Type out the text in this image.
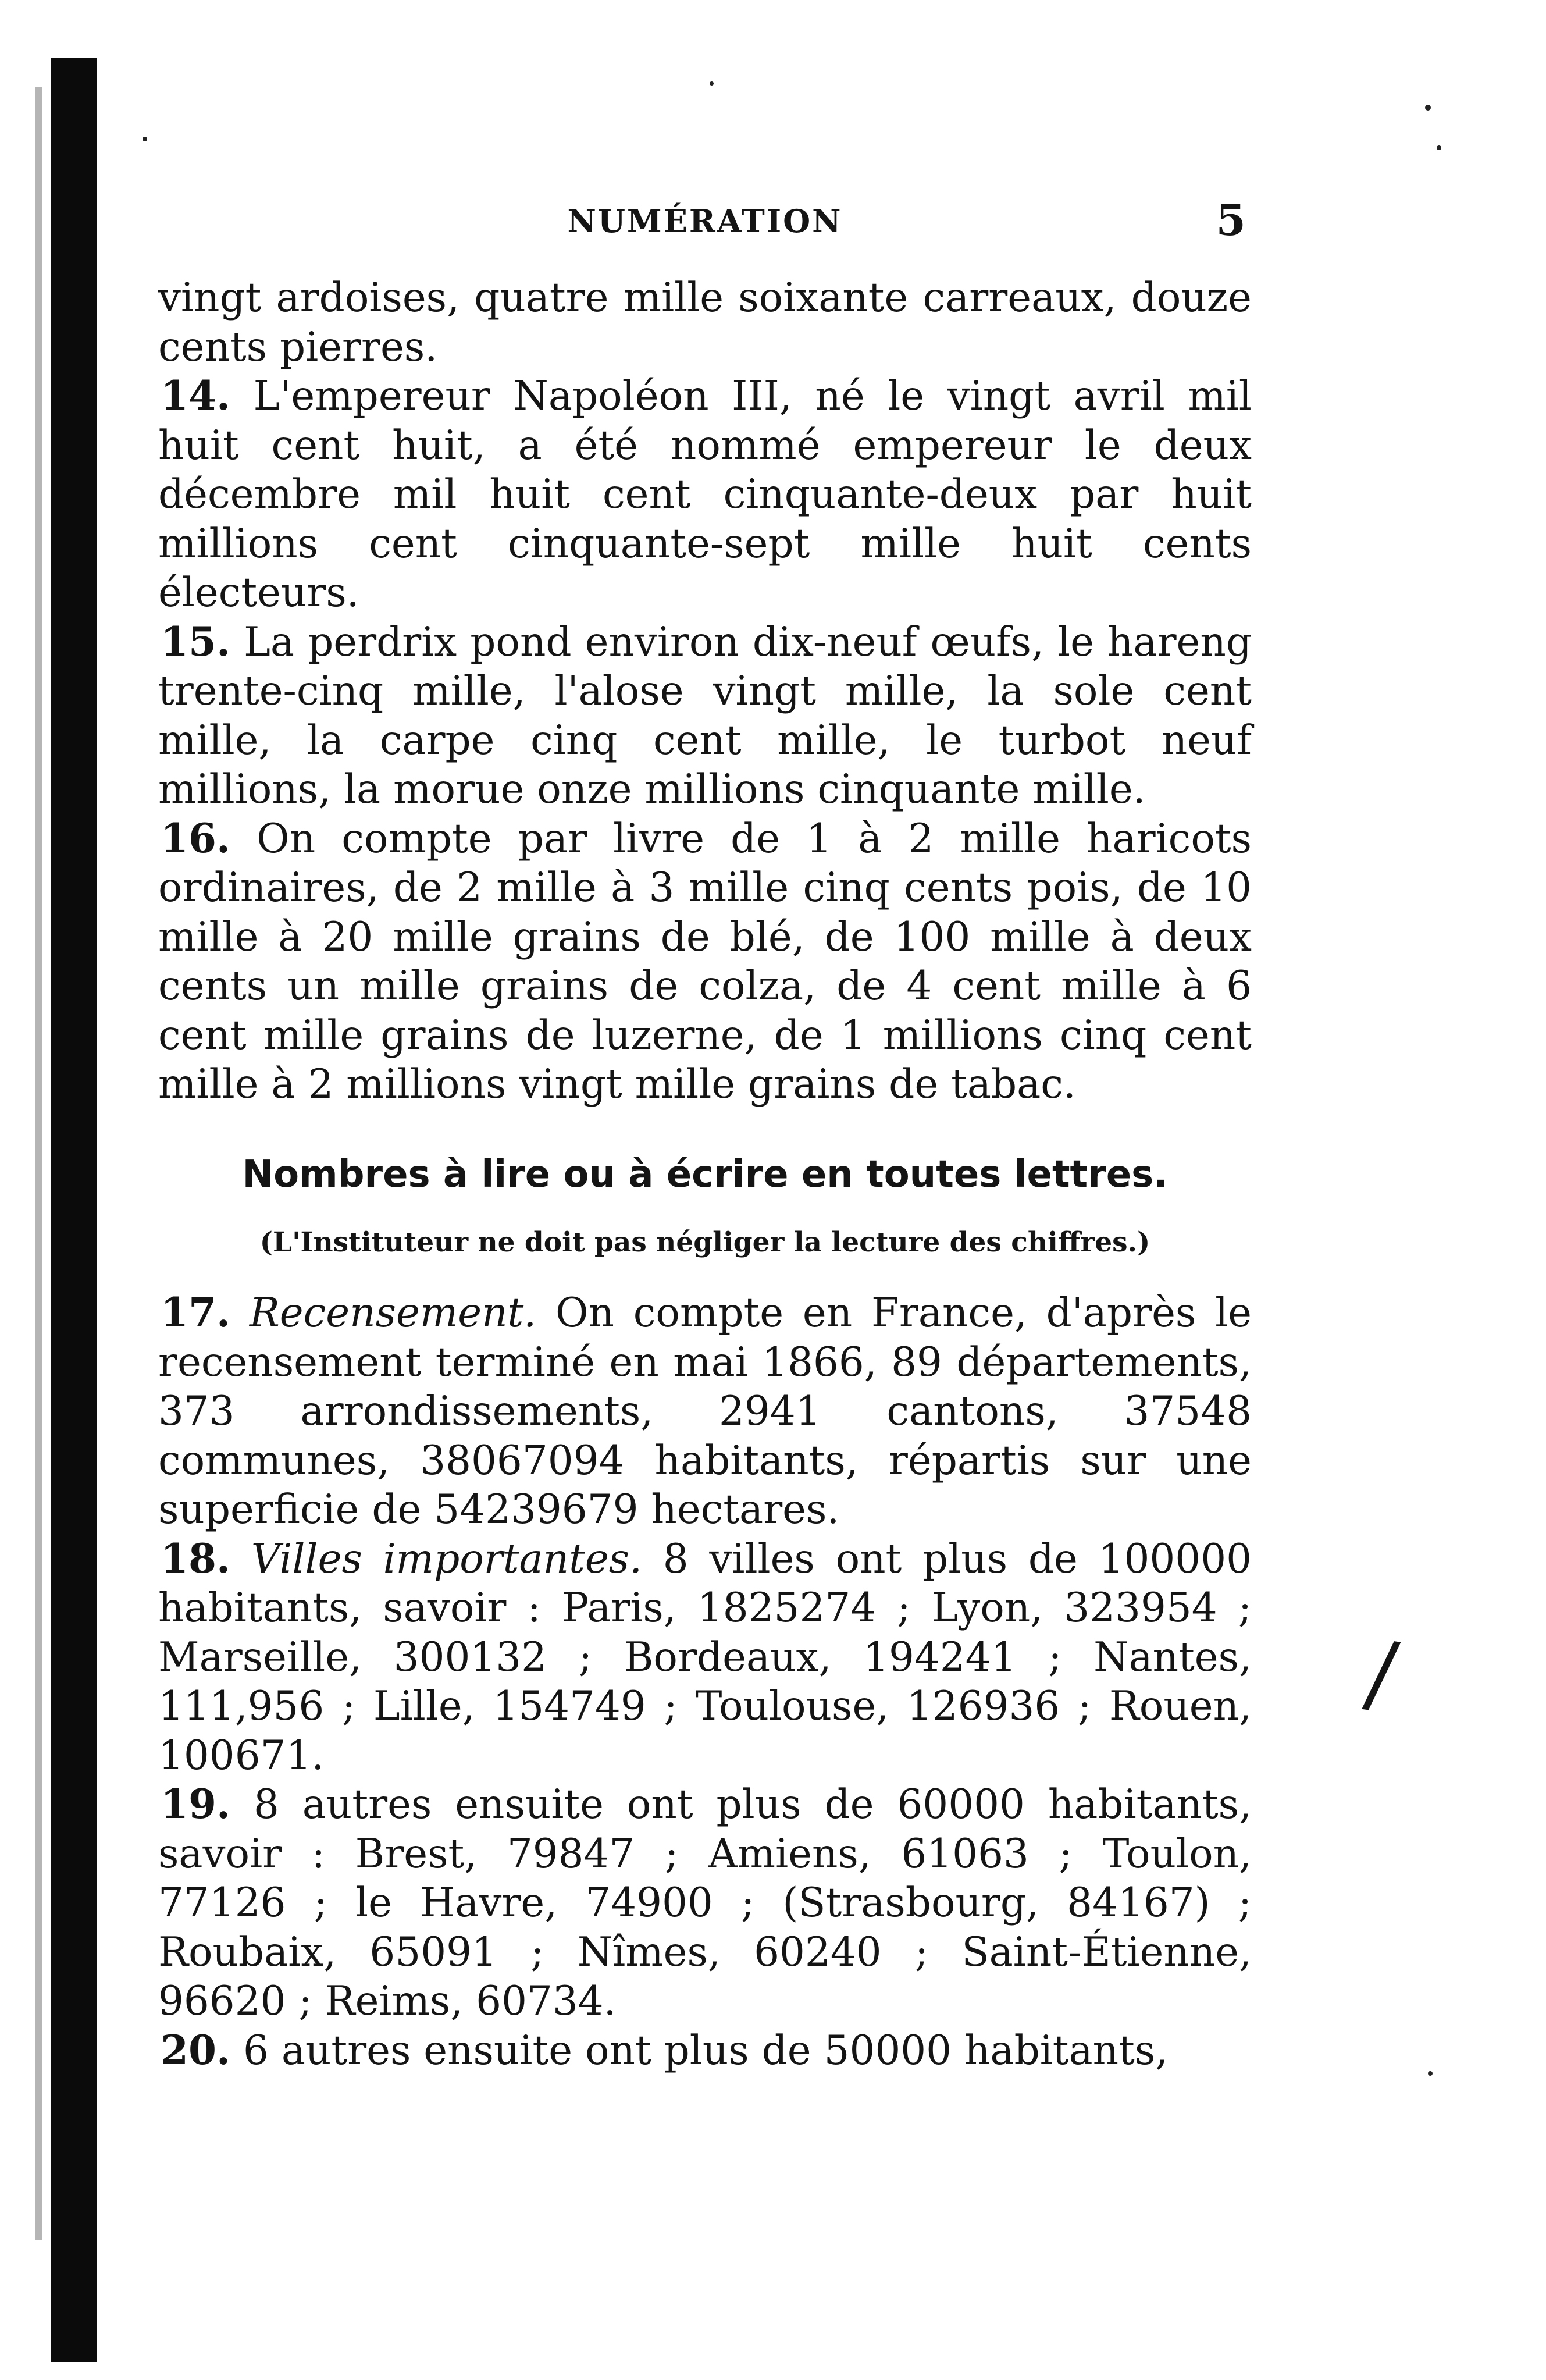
/
NUMÉRATION	5

vingt ardoises, quatre mille soixante carreaux, douze cents pierres.

14. L'empereur Napoléon III, né le vingt avril mil huit cent huit, a été nommé empereur le deux décembre mil huit cent cinquante-deux par huit millions cent cinquante-sept mille huit cents électeurs.

15. La perdrix pond environ dix-neuf œufs, le hareng trente-cinq mille, l'alose vingt mille, la sole cent mille, la carpe cinq cent mille, le turbot neuf millions, la morue onze millions cinquante mille.

16. On compte par livre de 1 à 2 mille haricots ordinaires, de 2 mille à 3 mille cinq cents pois, de 10 mille à 20 mille grains de blé, de 100 mille à deux cents un mille grains de colza, de 4 cent mille à 6 cent mille grains de luzerne, de 1 millions cinq cent mille à 2 millions vingt mille grains de tabac.

Nombres à lire ou à écrire en toutes lettres.

(L'Instituteur ne doit pas négliger la lecture des chiffres.)

17. Recensement. On compte en France, d'après le recensement terminé en mai 1866, 89 départements, 373 arrondissements, 2941 cantons, 37548 communes, 38067094 habitants, répartis sur une superficie de 54239679 hectares.

18. Villes importantes. 8 villes ont plus de 100000 habitants, savoir : Paris, 1825274 ; Lyon, 323954 ; Marseille, 300132 ; Bordeaux, 194241 ; Nantes, 111,956 ; Lille, 154749 ; Toulouse, 126936 ; Rouen, 100671.

19. 8 autres ensuite ont plus de 60000 habitants, savoir : Brest, 79847 ; Amiens, 61063 ; Toulon, 77126 ; le Havre, 74900 ; (Strasbourg, 84167) ; Roubaix, 65091 ; Nîmes, 60240 ; Saint-Étienne, 96620 ; Reims, 60734.

20. 6 autres ensuite ont plus de 50000 habitants,
